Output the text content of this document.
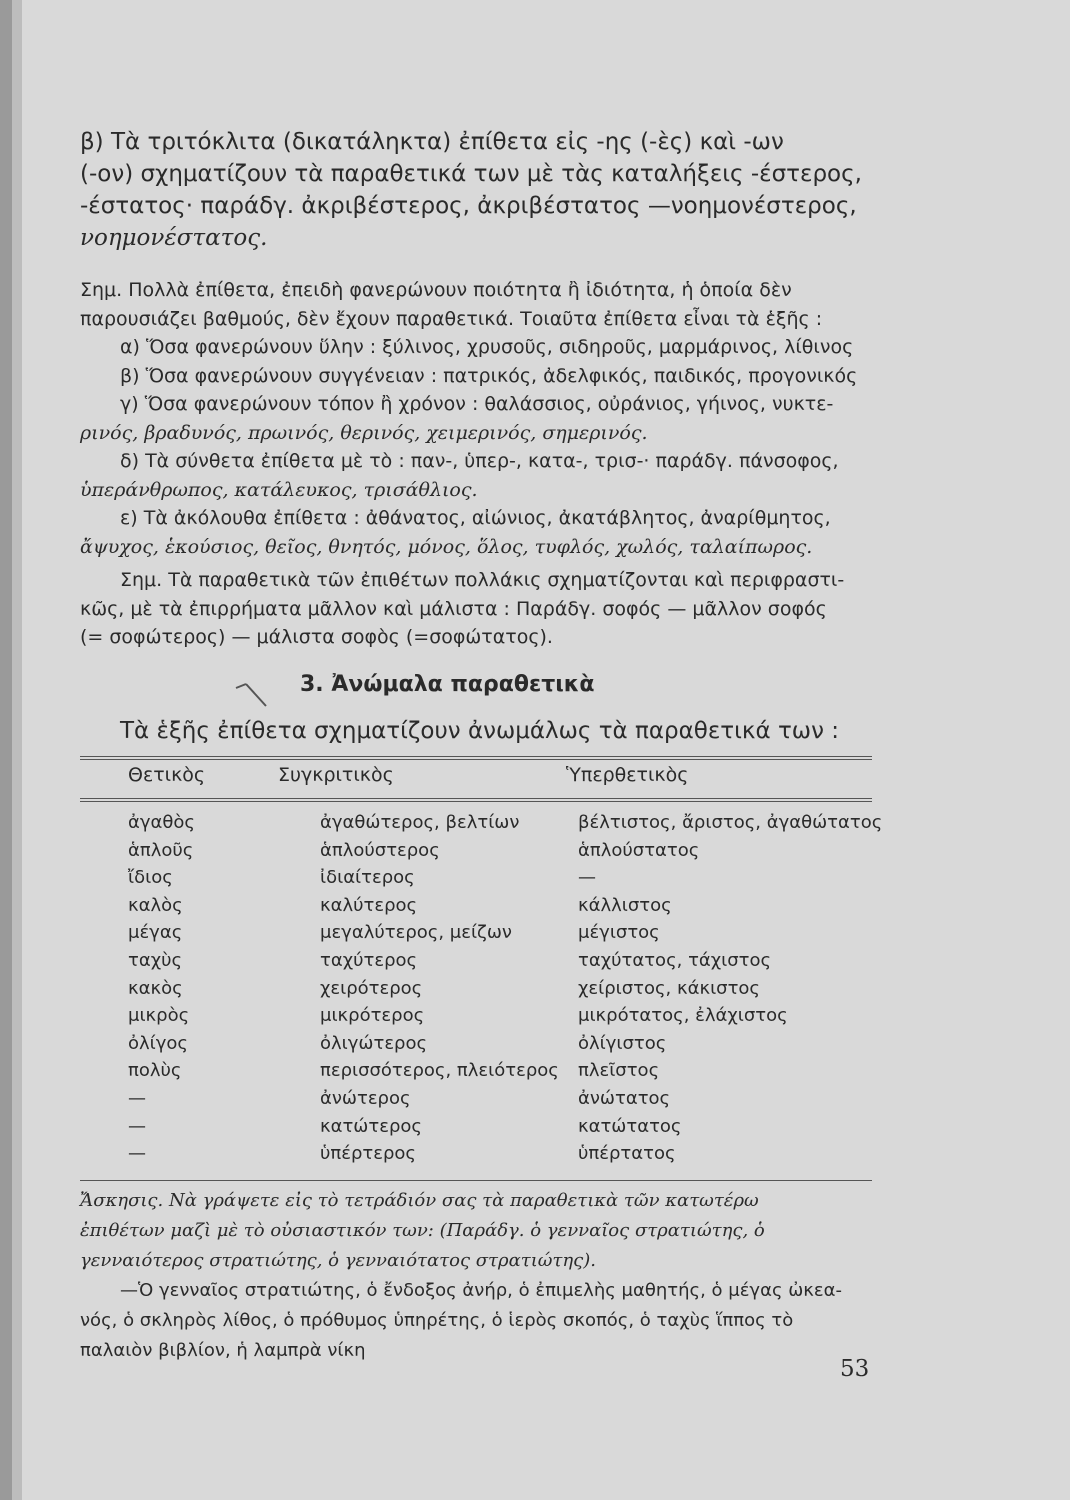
β) Τὰ τριτόκλιτα (δικατάληκτα) ἐπίθετα εἰς -ης (-ὲς) καὶ -ων

(-ον) σχηματίζουν τὰ παραθετικά των μὲ τὰς καταλήξεις -έστερος,

-έστατος· παράδγ. ἀκριβέστερος, ἀκριβέστατος —νοημονέστερος,

νοημονέστατος.

Σημ. Πολλὰ ἐπίθετα, ἐπειδὴ φανερώνουν ποιότητα ἢ ἰδιότητα, ἡ ὁποία δὲν

παρουσιάζει βαθμούς, δὲν ἔχουν παραθετικά. Τοιαῦτα ἐπίθετα εἶναι τὰ ἑξῆς :

α) Ὅσα φανερώνουν ὕλην : ξύλινος, χρυσοῦς, σιδηροῦς, μαρμάρινος, λίθινος

β) Ὅσα φανερώνουν συγγένειαν : πατρικός, ἀδελφικός, παιδικός, προγονικός

γ) Ὅσα φανερώνουν τόπον ἢ χρόνον : θαλάσσιος, οὐράνιος, γήινος, νυκτε-

ρινός, βραδυνός, πρωινός, θερινός, χειμερινός, σημερινός.

δ) Τὰ σύνθετα ἐπίθετα μὲ τὸ : παν-, ὑπερ-, κατα-, τρισ-· παράδγ. πάνσοφος,

ὑπεράνθρωπος, κατάλευκος, τρισάθλιος.

ε) Τὰ ἀκόλουθα ἐπίθετα : ἀθάνατος, αἰώνιος, ἀκατάβλητος, ἀναρίθμητος,

ἄψυχος, ἑκούσιος, θεῖος, θνητός, μόνος, ὅλος, τυφλός, χωλός, ταλαίπωρος.

Σημ. Τὰ παραθετικὰ τῶν ἐπιθέτων πολλάκις σχηματίζονται καὶ περιφραστι-

κῶς, μὲ τὰ ἐπιρρήματα μᾶλλον καὶ μάλιστα : Παράδγ. σοφός — μᾶλλον σοφός

(= σοφώτερος) — μάλιστα σοφὸς (=σοφώτατος).

3. Ἀνώμαλα παραθετικὰ
Τὰ ἑξῆς ἐπίθετα σχηματίζουν ἀνωμάλως τὰ παραθετικά των :
Θετικὸς	Συγκριτικὸς	Ὑπερθετικὸς
ἀγαθὸς	ἀγαθώτερος, βελτίων	βέλτιστος, ἄριστος, ἀγαθώτατος
ἁπλοῦς	ἁπλούστερος	ἁπλούστατος
ἴδιος	ἰδιαίτερος	—
καλὸς	καλύτερος	κάλλιστος
μέγας	μεγαλύτερος, μείζων	μέγιστος
ταχὺς	ταχύτερος	ταχύτατος, τάχιστος
κακὸς	χειρότερος	χείριστος, κάκιστος
μικρὸς	μικρότερος	μικρότατος, ἐλάχιστος
ὀλίγος	ὀλιγώτερος	ὀλίγιστος
πολὺς	περισσότερος, πλειότερος	πλεῖστος
—	ἀνώτερος	ἀνώτατος
—	κατώτερος	κατώτατος
—	ὑπέρτερος	ὑπέρτατος
Ἄσκησις. Νὰ γράψετε εἰς τὸ τετράδιόν σας τὰ παραθετικὰ τῶν κατωτέρω
ἐπιθέτων μαζὶ μὲ τὸ οὐσιαστικόν των: (Παράδγ. ὁ γενναῖος στρατιώτης, ὁ
γενναιότερος στρατιώτης, ὁ γενναιότατος στρατιώτης).
—Ὁ γενναῖος στρατιώτης, ὁ ἔνδοξος ἀνήρ, ὁ ἐπιμελὴς μαθητής, ὁ μέγας ὠκεα-
νός, ὁ σκληρὸς λίθος, ὁ πρόθυμος ὑπηρέτης, ὁ ἱερὸς σκοπός, ὁ ταχὺς ἵππος τὸ
παλαιὸν βιβλίον, ἡ λαμπρὰ νίκη
53
